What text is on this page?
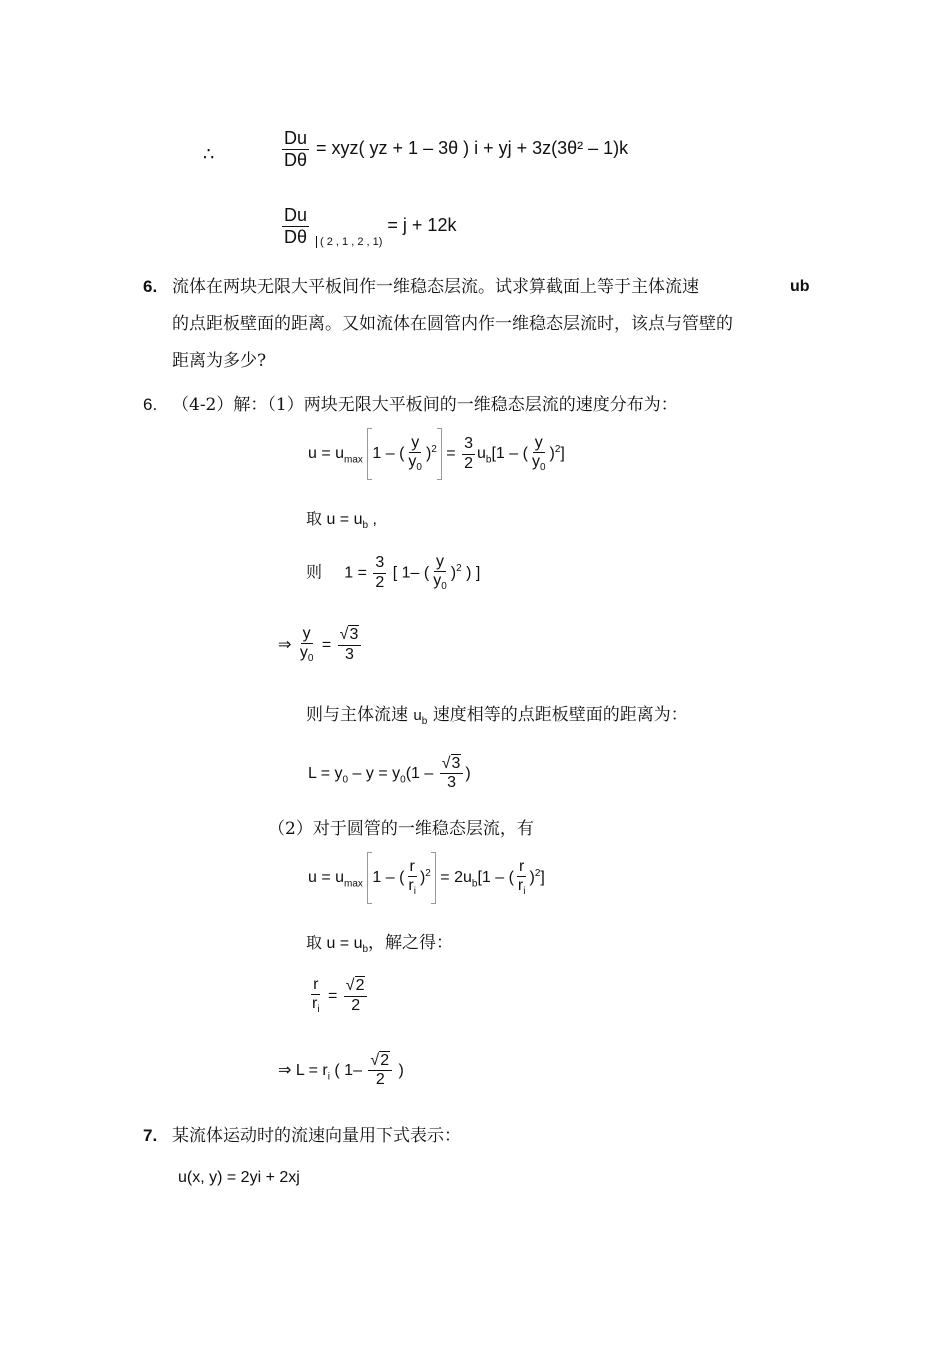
∴	$\frac{Du}{D\theta} = xyz$( yz + 1 – 3θ ) i + yj + 3z(3θ² – 1)k
$\frac{Du}{D\theta} _{( 2 , 1 , 2 , 1)} = j + 12k$
6. 流体在两块无限大平板间作一维稳态层流。试求算截面上等于主体流速	ub
的点距板壁面的距离。又如流体在圆管内作一维稳态层流时，该点与管壁的
距离为多少?
6. （4-2）解：（1）两块无限大平板间的一维稳态层流的速度分布为：
$u = u_{max}$ 1 – ( $\frac{y}{y_0} )^2 = \frac{3}{2} u_b[1$ – ( $\frac{y}{y_0} )^2$]
取 $u = u_b$ ,
则     $1 = \frac{3}{2}$ [ 1– ( $\frac{y}{y_0} )^2$ ) ]
⇒ $\frac{y}{y_0} = \frac{√3}{3}$
则与主体流速 $u_b$ 速度相等的点距板壁面的距离为：
$L = y_0 - y = y_0(1 - \frac{√3}{3}$ )
（2）对于圆管的一维稳态层流，有
$u = u_{max}$ 1 – ( $\frac{r}{r_i} )^2 = 2u_b[1$ – ( $\frac{r}{r_i} )^2$]
取 $u = u_b$，解之得：
$\frac{r}{r_i} = \frac{√2}{2}$
⇒ $L = r_i$ ( $1- \frac{√2}{2}$ )
7. 某流体运动时的流速向量用下式表示：
u(x, y) = 2yi + 2xj
